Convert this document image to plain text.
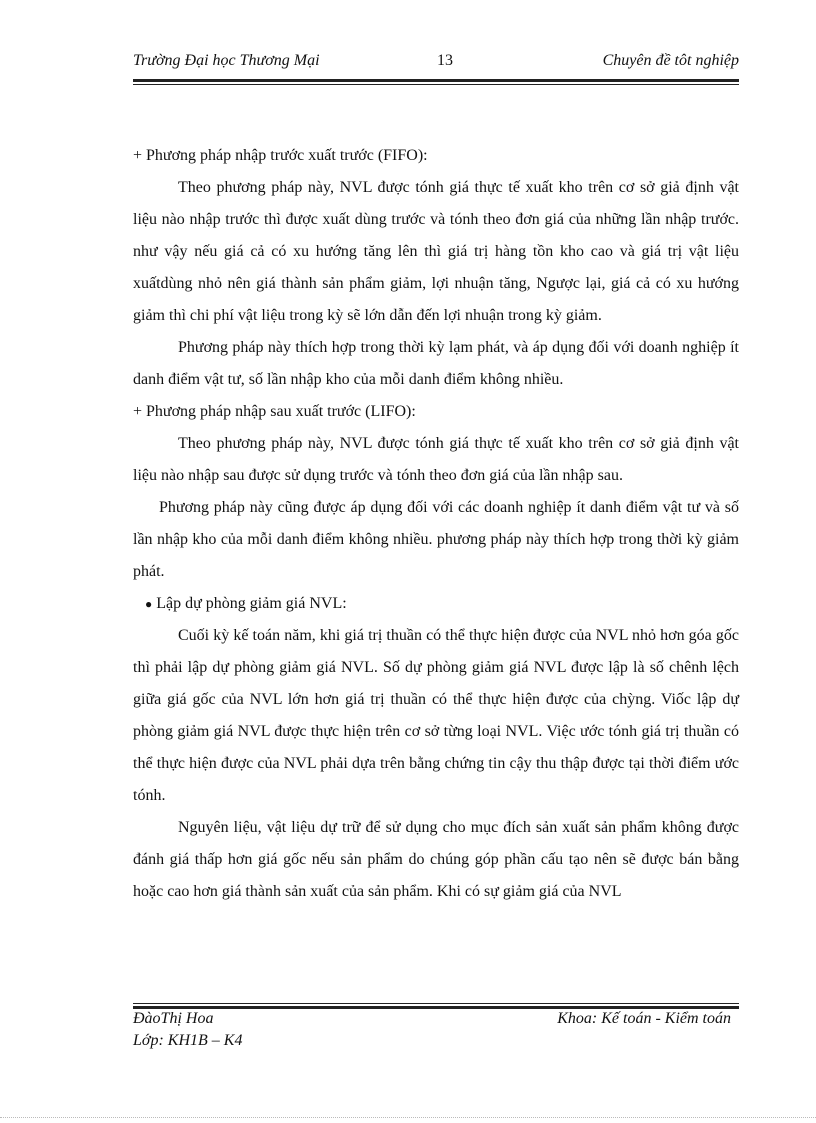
Trường Đại học Thương Mại	13	Chuyên đề tôt nghiệp

+ Phương pháp nhập trước xuất trước (FIFO):

Theo phương pháp này, NVL được tónh giá thực tế xuất kho trên cơ sở giả định vật liệu nào nhập trước thì được xuất dùng trước và tónh theo đơn giá của những lần nhập trước. như vậy nếu giá cả có xu hướng tăng lên thì giá trị hàng tồn kho cao và giá trị vật liệu xuấtdùng nhỏ nên giá thành sản phẩm giảm, lợi nhuận tăng, Ngược lại, giá cả có xu hướng giảm thì chi phí vật liệu trong kỳ sẽ lớn dẫn đến lợi nhuận trong kỳ giảm.

Phương pháp này thích hợp trong thời kỳ lạm phát, và áp dụng đối với doanh nghiệp ít danh điểm vật tư, số lần nhập kho của mỗi danh điểm không nhiều.

+ Phương pháp nhập sau xuất trước (LIFO):

Theo phương pháp này, NVL được tónh giá thực tế xuất kho trên cơ sở giả định vật liệu nào nhập sau được sử dụng trước và tónh theo đơn giá của lần nhập sau.

Phương pháp này cũng được áp dụng đối với các doanh nghiệp ít danh điểm vật tư và số lần nhập kho của mỗi danh điểm không nhiều. phương pháp này thích hợp trong thời kỳ giảm phát.

● Lập dự phòng giảm giá NVL:

Cuối kỳ kế toán năm, khi giá trị thuần có thể thực hiện được của NVL nhỏ hơn góa gốc thì phải lập dự phòng giảm giá NVL. Số dự phòng giảm giá NVL được lập là số chênh lệch giữa giá gốc của NVL lớn hơn giá trị thuần có thể thực hiện được của chỳng. Viốc lập dự phòng giảm giá NVL được thực hiện trên cơ sở từng loại NVL. Việc ước tónh giá trị thuần có thể thực hiện được của NVL phải dựa trên bằng chứng tin cậy thu thập được tại thời điểm ước tónh.

Nguyên liệu, vật liệu dự trữ để sử dụng cho mục đích sản xuất sản phẩm không được đánh giá thấp hơn giá gốc nếu sản phẩm do chúng góp phần cấu tạo nên sẽ được bán bằng hoặc cao hơn giá thành sản xuất của sản phẩm. Khi có sự giảm giá của NVL

ĐàoThị Hoa	Khoa: Kế toán - Kiểm toán
Lớp: KH1B – K4
